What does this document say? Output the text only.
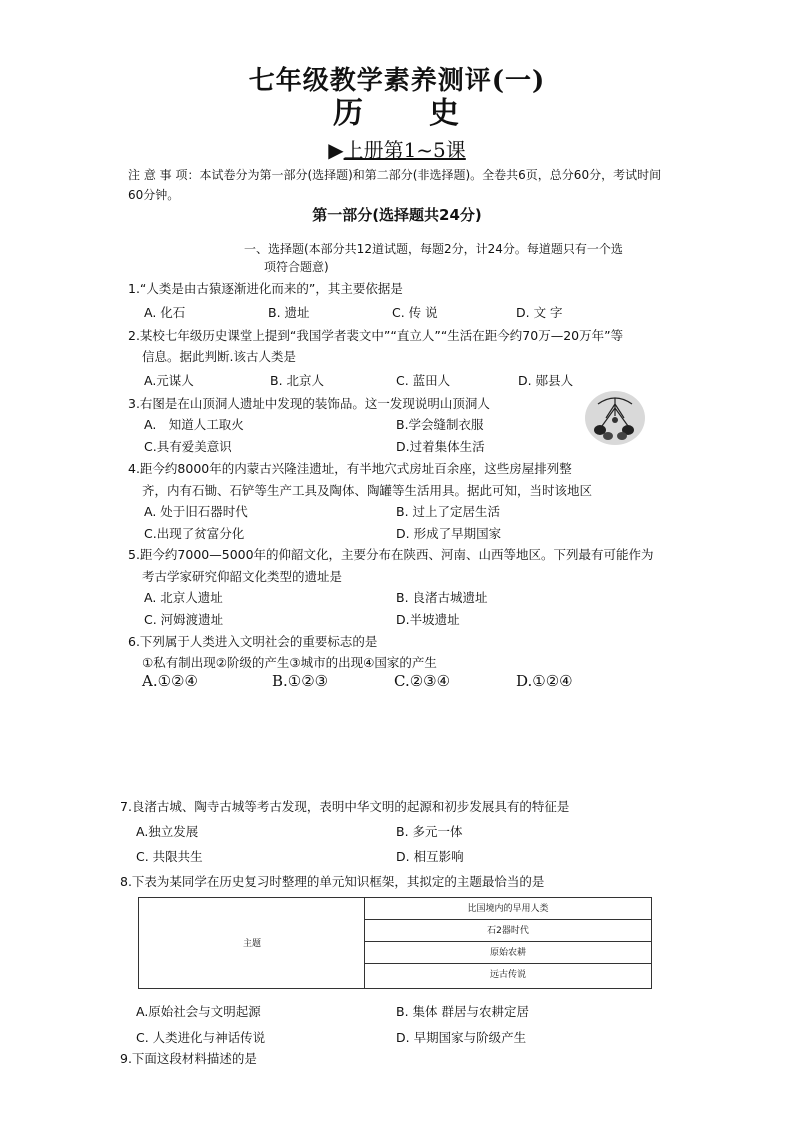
七年级教学素养测评(一)
历　　史
▶上册第1~5课
注 意 事 项：本试卷分为第一部分(选择题)和第二部分(非选择题)。全卷共6页，总分60分，考试时间60分钟。
第一部分(选择题共24分)
一、选择题(本部分共12道试题，每题2分，计24分。每道题只有一个选
项符合题意)
1.“人类是由古猿逐渐进化而来的”，其主要依据是
A. 化石	B. 遗址	C. 传 说	D. 文 字
2.某校七年级历史课堂上提到“我国学者裴文中”“直立人”“生活在距今约70万—20万年”等
信息。据此判断.该古人类是
A.元谋人	B. 北京人	C. 蓝田人	D. 郧县人
3.右图是在山顶洞人遗址中发现的装饰品。这一发现说明山顶洞人
A.　知道人工取火	B.学会缝制衣服
C.具有爱美意识	D.过着集体生活
4.距今约8000年的内蒙古兴隆洼遗址，有半地穴式房址百余座，这些房屋排列整
齐，内有石锄、石铲等生产工具及陶体、陶罐等生活用具。据此可知，当时该地区
A. 处于旧石器时代	B. 过上了定居生活
C.出现了贫富分化	D. 形成了早期国家
5.距今约7000—5000年的仰韶文化，主要分布在陕西、河南、山西等地区。下列最有可能作为
考古学家研究仰韶文化类型的遗址是
A. 北京人遗址	B. 良渚古城遗址
C. 河姆渡遗址	D.半坡遗址
6.下列属于人类进入文明社会的重要标志的是
①私有制出现②阶级的产生③城市的出现④国家的产生
A.①②④	B.①②③	C.②③④	D.①②④
7.良渚古城、陶寺古城等考古发现，表明中华文明的起源和初步发展具有的特征是
A.独立发展	B. 多元一体
C. 共限共生	D. 相互影响
8.下表为某同学在历史复习时整理的单元知识框架，其拟定的主题最恰当的是
主题
比国境内的早用人类
石2器时代
原始农耕
远古传说
A.原始社会与文明起源	B. 集体 群居与农耕定居
C. 人类进化与神话传说	D. 早期国家与阶级产生
9.下面这段材料描述的是
